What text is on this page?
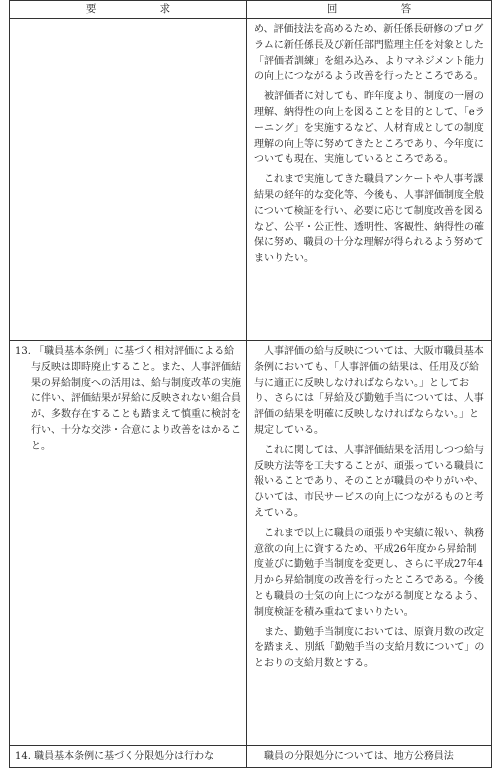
要 求	回 答

	め、評価技法を高めるため、新任係長研修のプログラムに新任係長及び新任部門監理主任を対象とした「評価者訓練」を組み込み、よりマネジメント能力の向上につながるよう改善を行ったところである。

被評価者に対しても、昨年度より、制度の一層の理解、納得性の向上を図ることを目的として、「eラーニング」を実施するなど、人材育成としての制度理解の向上等に努めてきたところであり、今年度についても現在、実施しているところである。

これまで実施してきた職員アンケートや人事考課結果の経年的な変化等、今後も、人事評価制度全般について検証を行い、必要に応じて制度改善を図るなど、公平・公正性、透明性、客観性、納得性の確保に努め、職員の十分な理解が得られるよう努めてまいりたい。

13. 「職員基本条例」に基づく相対評価による給与反映は即時廃止すること。また、人事評価結果の昇給制度への活用は、給与制度改革の実施に伴い、評価結果が昇給に反映されない組合員が、多数存在することも踏まえて慎重に検討を行い、十分な交渉・合意により改善をはかること。	人事評価の給与反映については、大阪市職員基本条例においても、「人事評価の結果は、任用及び給与に適正に反映しなければならない。」としており、さらには「昇給及び勤勉手当については、人事評価の結果を明確に反映しなければならない。」と規定している。

これに関しては、人事評価結果を活用しつつ給与反映方法等を工夫することが、頑張っている職員に報いることであり、そのことが職員のやりがいや、ひいては、市民サービスの向上につながるものと考えている。

これまで以上に職員の頑張りや実績に報い、執務意欲の向上に資するため、平成26年度から昇給制度並びに勤勉手当制度を変更し、さらに平成27年4月から昇給制度の改善を行ったところである。今後とも職員の士気の向上につながる制度となるよう、制度検証を積み重ねてまいりたい。

また、勤勉手当制度においては、原資月数の改定を踏まえ、別紙「勤勉手当の支給月数について」のとおりの支給月数とする。

14. 職員基本条例に基づく分限処分は行わな	職員の分限処分については、地方公務員法
